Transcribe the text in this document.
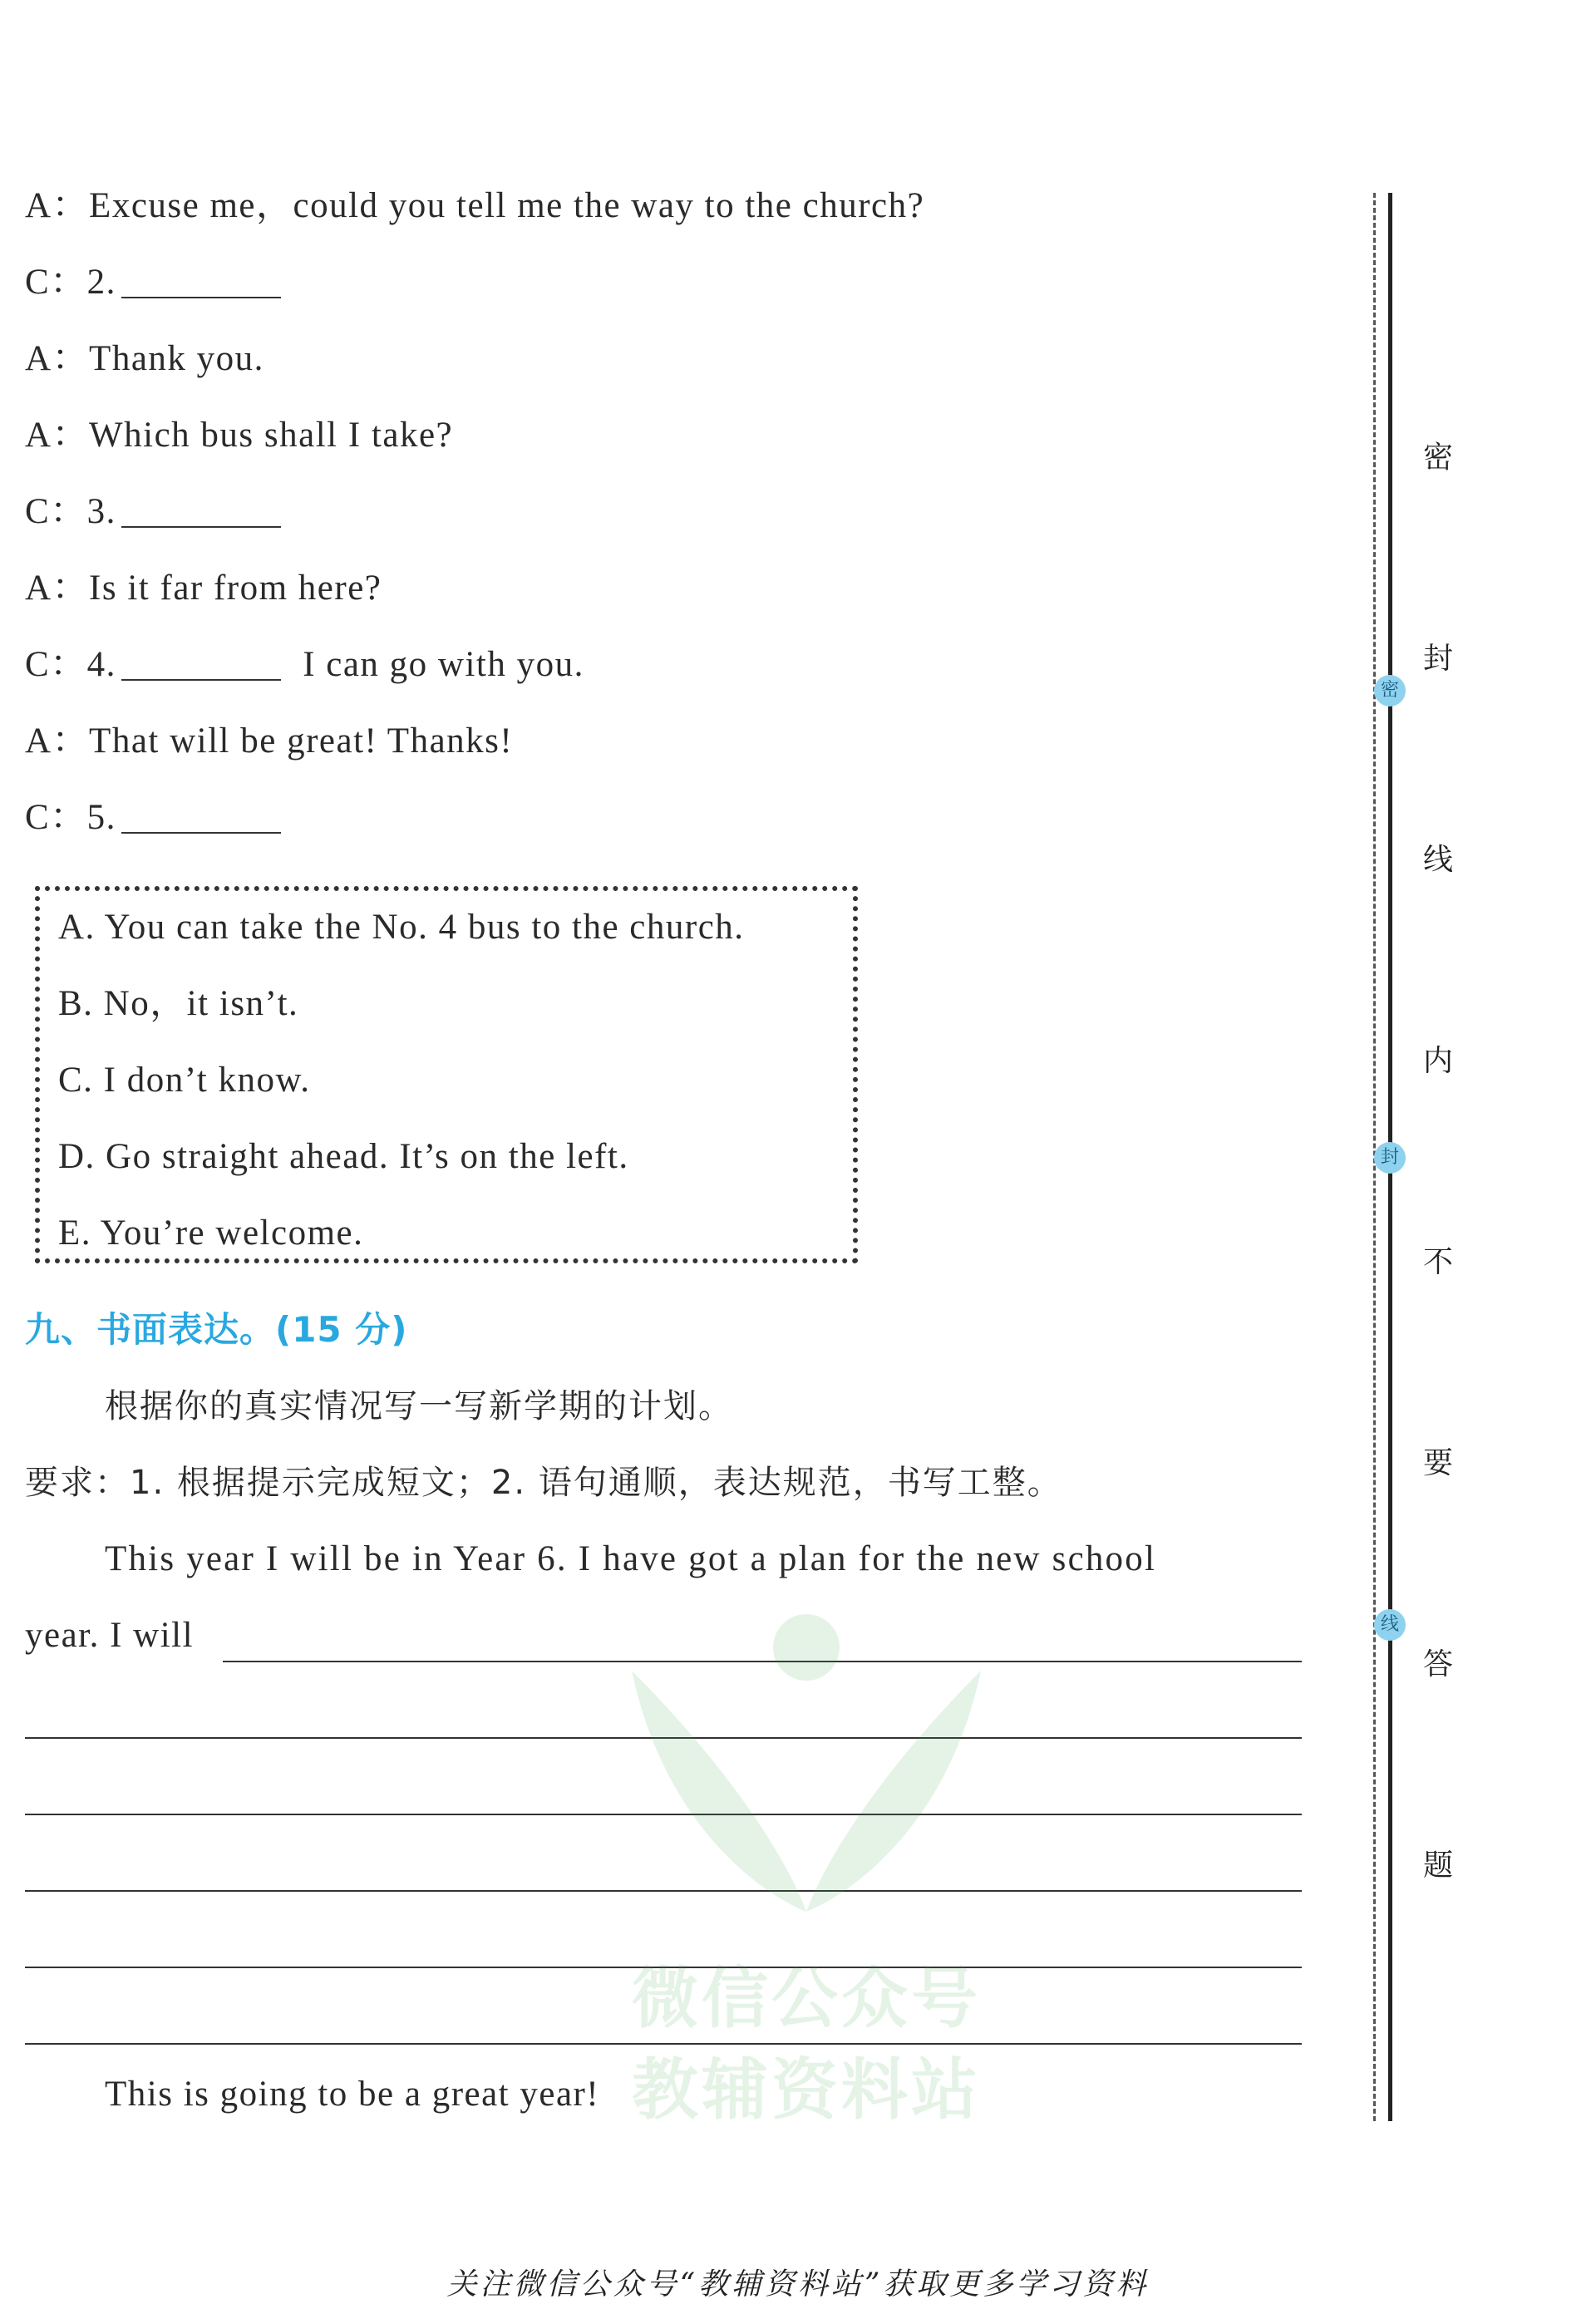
A：Excuse me，could you tell me the way to the church?
C：2.
A：Thank you.
A：Which bus shall I take?
C：3.
A：Is it far from here?
C：4.	I can go with you.
A：That will be great! Thanks!
C：5.
A. You can take the No. 4 bus to the church.
B. No，it isn’t.
C. I don’t know.
D. Go straight ahead. It’s on the left.
E. You’re welcome.
九、书面表达。(15 分)
根据你的真实情况写一写新学期的计划。
要求：1. 根据提示完成短文；2. 语句通顺，表达规范，书写工整。
This year I will be in Year 6. I have got a plan for the new school
year. I will
This is going to be a great year!
微信公众号
教辅资料站
密
封
线
内
不
要
答
题
密
封
线
关注微信公众号“教辅资料站”获取更多学习资料
